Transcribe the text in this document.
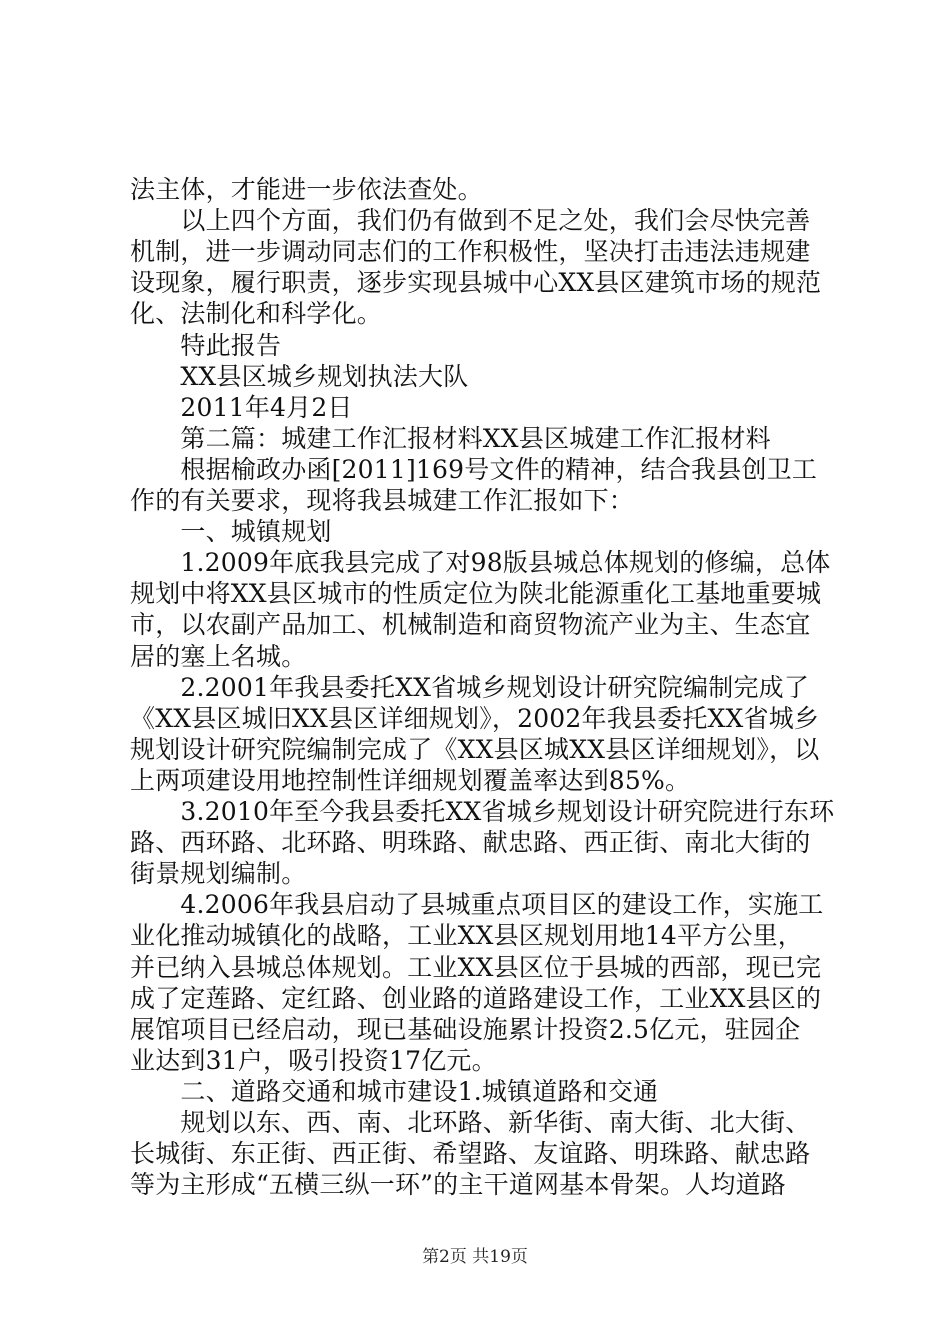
法主体，才能进一步依法查处。
　　以上四个方面，我们仍有做到不足之处，我们会尽快完善
机制，进一步调动同志们的工作积极性，坚决打击违法违规建
设现象，履行职责，逐步实现县城中心XX县区建筑市场的规范
化、法制化和科学化。
　　特此报告
　　XX县区城乡规划执法大队
　　2011年4月2日
　　第二篇：城建工作汇报材料XX县区城建工作汇报材料
　　根据榆政办函[2011]169号文件的精神，结合我县创卫工
作的有关要求，现将我县城建工作汇报如下：
　　一、城镇规划
　　1.2009年底我县完成了对98版县城总体规划的修编，总体
规划中将XX县区城市的性质定位为陕北能源重化工基地重要城
市，以农副产品加工、机械制造和商贸物流产业为主、生态宜
居的塞上名城。
　　2.2001年我县委托XX省城乡规划设计研究院编制完成了
《XX县区城旧XX县区详细规划》，2002年我县委托XX省城乡
规划设计研究院编制完成了《XX县区城XX县区详细规划》，以
上两项建设用地控制性详细规划覆盖率达到85%。
　　3.2010年至今我县委托XX省城乡规划设计研究院进行东环
路、西环路、北环路、明珠路、献忠路、西正街、南北大街的
街景规划编制。
　　4.2006年我县启动了县城重点项目区的建设工作，实施工
业化推动城镇化的战略，工业XX县区规划用地14平方公里，
并已纳入县城总体规划。工业XX县区位于县城的西部，现已完
成了定莲路、定红路、创业路的道路建设工作，工业XX县区的
展馆项目已经启动，现已基础设施累计投资2.5亿元，驻园企
业达到31户，吸引投资17亿元。
　　二、道路交通和城市建设1.城镇道路和交通
　　规划以东、西、南、北环路、新华街、南大街、北大街、
长城街、东正街、西正街、希望路、友谊路、明珠路、献忠路
等为主形成“五横三纵一环”的主干道网基本骨架。人均道路
第2页 共19页
